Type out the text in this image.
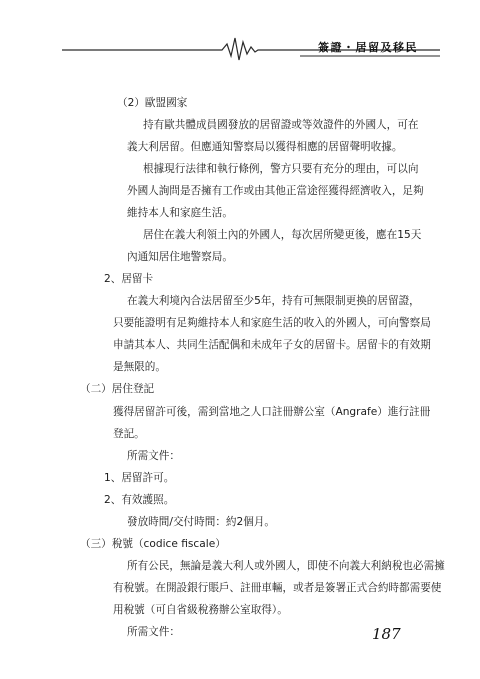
簽證・居留及移民
（2）歐盟國家
持有歐共體成員國發放的居留證或等效證件的外國人，可在
義大利居留。但應通知警察局以獲得相應的居留聲明收據。
根據現行法律和執行條例，警方只要有充分的理由，可以向
外國人詢問是否擁有工作或由其他正當途徑獲得經濟收入，足夠
維持本人和家庭生活。
居住在義大利領土內的外國人，每次居所變更後，應在15天
內通知居住地警察局。
2、居留卡
在義大利境內合法居留至少5年，持有可無限制更換的居留證，
只要能證明有足夠維持本人和家庭生活的收入的外國人，可向警察局
申請其本人、共同生活配偶和未成年子女的居留卡。居留卡的有效期
是無限的。
（二）居住登記
獲得居留許可後，需到當地之人口註冊辦公室（Angrafe）進行註冊
登記。
所需文件：
1、居留許可。
2、有效護照。
發放時間/交付時間：約2個月。
（三）稅號（codice fiscale）
所有公民，無論是義大利人或外國人，即使不向義大利納稅也必需擁
有稅號。在開設銀行賬戶、註冊車輛，或者是簽署正式合約時都需要使
用稅號（可自省級稅務辦公室取得）。
所需文件：	187
